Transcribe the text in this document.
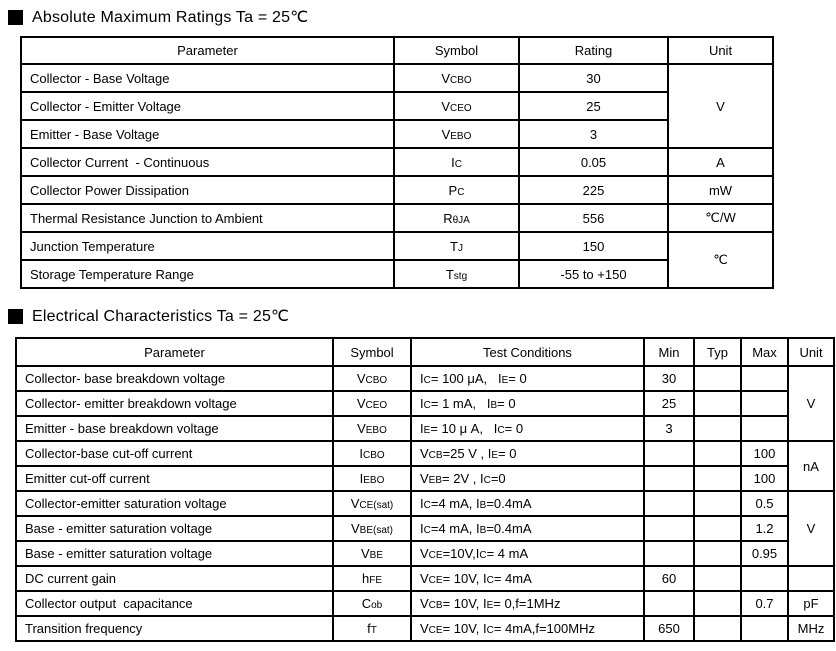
Absolute Maximum Ratings Ta = 25℃
Parameter	Symbol	Rating	Unit
Collector - Base Voltage	VCBO	30	V
Collector - Emitter Voltage	VCEO	25	
Emitter - Base Voltage	VEBO	3	
Collector Current  - Continuous	IC	0.05	A
Collector Power Dissipation	PC	225	mW
Thermal Resistance Junction to Ambient	RθJA	556	℃/W
Junction Temperature	TJ	150	℃
Storage Temperature Range	Tstg	-55 to +150	
Electrical Characteristics Ta = 25℃
Parameter	Symbol	Test Conditions	Min	Typ	Max	Unit
Collector- base breakdown voltage	VCBO	IC= 100 μA,   IE= 0	30			V
Collector- emitter breakdown voltage	VCEO	IC= 1 mA,   IB= 0	25			
Emitter - base breakdown voltage	VEBO	IE= 10 μ A,   IC= 0	3			
Collector-base cut-off current	ICBO	VCB=25 V , IE= 0			100	nA
Emitter cut-off current	IEBO	VEB= 2V , IC=0			100	
Collector-emitter saturation voltage	VCE(sat)	IC=4 mA, IB=0.4mA			0.5	V
Base - emitter saturation voltage	VBE(sat)	IC=4 mA, IB=0.4mA			1.2	
Base - emitter saturation voltage	VBE	VCE=10V,IC= 4 mA			0.95	
DC current gain	hFE	VCE= 10V, IC= 4mA	60			
Collector output  capacitance	Cob	VCB= 10V, IE= 0,f=1MHz			0.7	pF
Transition frequency	fT	VCE= 10V, IC= 4mA,f=100MHz	650			MHz
